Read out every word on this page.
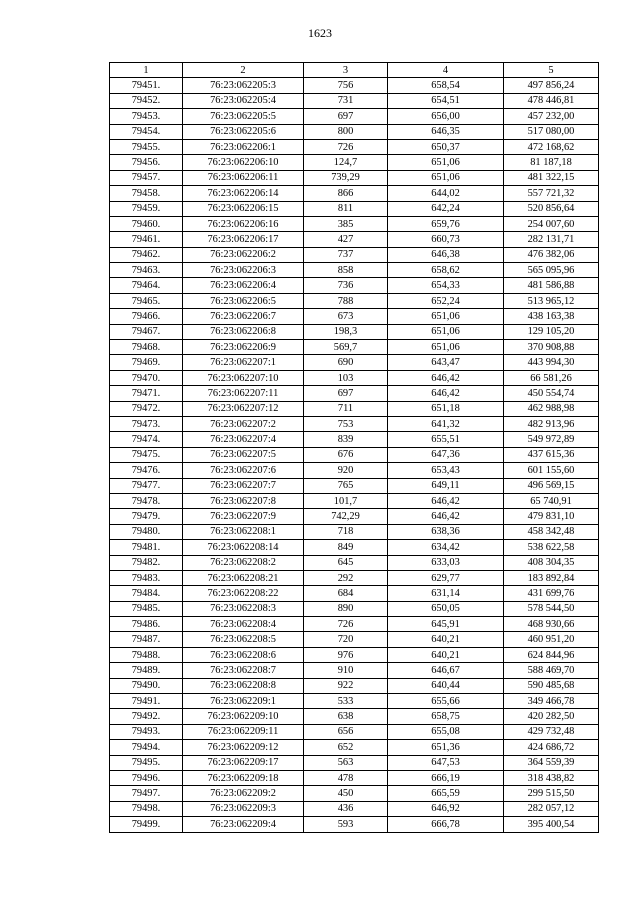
1623
1	2	3	4	5
79451.	76:23:062205:3	756	658,54	497 856,24
79452.	76:23:062205:4	731	654,51	478 446,81
79453.	76:23:062205:5	697	656,00	457 232,00
79454.	76:23:062205:6	800	646,35	517 080,00
79455.	76:23:062206:1	726	650,37	472 168,62
79456.	76:23:062206:10	124,7	651,06	81 187,18
79457.	76:23:062206:11	739,29	651,06	481 322,15
79458.	76:23:062206:14	866	644,02	557 721,32
79459.	76:23:062206:15	811	642,24	520 856,64
79460.	76:23:062206:16	385	659,76	254 007,60
79461.	76:23:062206:17	427	660,73	282 131,71
79462.	76:23:062206:2	737	646,38	476 382,06
79463.	76:23:062206:3	858	658,62	565 095,96
79464.	76:23:062206:4	736	654,33	481 586,88
79465.	76:23:062206:5	788	652,24	513 965,12
79466.	76:23:062206:7	673	651,06	438 163,38
79467.	76:23:062206:8	198,3	651,06	129 105,20
79468.	76:23:062206:9	569,7	651,06	370 908,88
79469.	76:23:062207:1	690	643,47	443 994,30
79470.	76:23:062207:10	103	646,42	66 581,26
79471.	76:23:062207:11	697	646,42	450 554,74
79472.	76:23:062207:12	711	651,18	462 988,98
79473.	76:23:062207:2	753	641,32	482 913,96
79474.	76:23:062207:4	839	655,51	549 972,89
79475.	76:23:062207:5	676	647,36	437 615,36
79476.	76:23:062207:6	920	653,43	601 155,60
79477.	76:23:062207:7	765	649,11	496 569,15
79478.	76:23:062207:8	101,7	646,42	65 740,91
79479.	76:23:062207:9	742,29	646,42	479 831,10
79480.	76:23:062208:1	718	638,36	458 342,48
79481.	76:23:062208:14	849	634,42	538 622,58
79482.	76:23:062208:2	645	633,03	408 304,35
79483.	76:23:062208:21	292	629,77	183 892,84
79484.	76:23:062208:22	684	631,14	431 699,76
79485.	76:23:062208:3	890	650,05	578 544,50
79486.	76:23:062208:4	726	645,91	468 930,66
79487.	76:23:062208:5	720	640,21	460 951,20
79488.	76:23:062208:6	976	640,21	624 844,96
79489.	76:23:062208:7	910	646,67	588 469,70
79490.	76:23:062208:8	922	640,44	590 485,68
79491.	76:23:062209:1	533	655,66	349 466,78
79492.	76:23:062209:10	638	658,75	420 282,50
79493.	76:23:062209:11	656	655,08	429 732,48
79494.	76:23:062209:12	652	651,36	424 686,72
79495.	76:23:062209:17	563	647,53	364 559,39
79496.	76:23:062209:18	478	666,19	318 438,82
79497.	76:23:062209:2	450	665,59	299 515,50
79498.	76:23:062209:3	436	646,92	282 057,12
79499.	76:23:062209:4	593	666,78	395 400,54
